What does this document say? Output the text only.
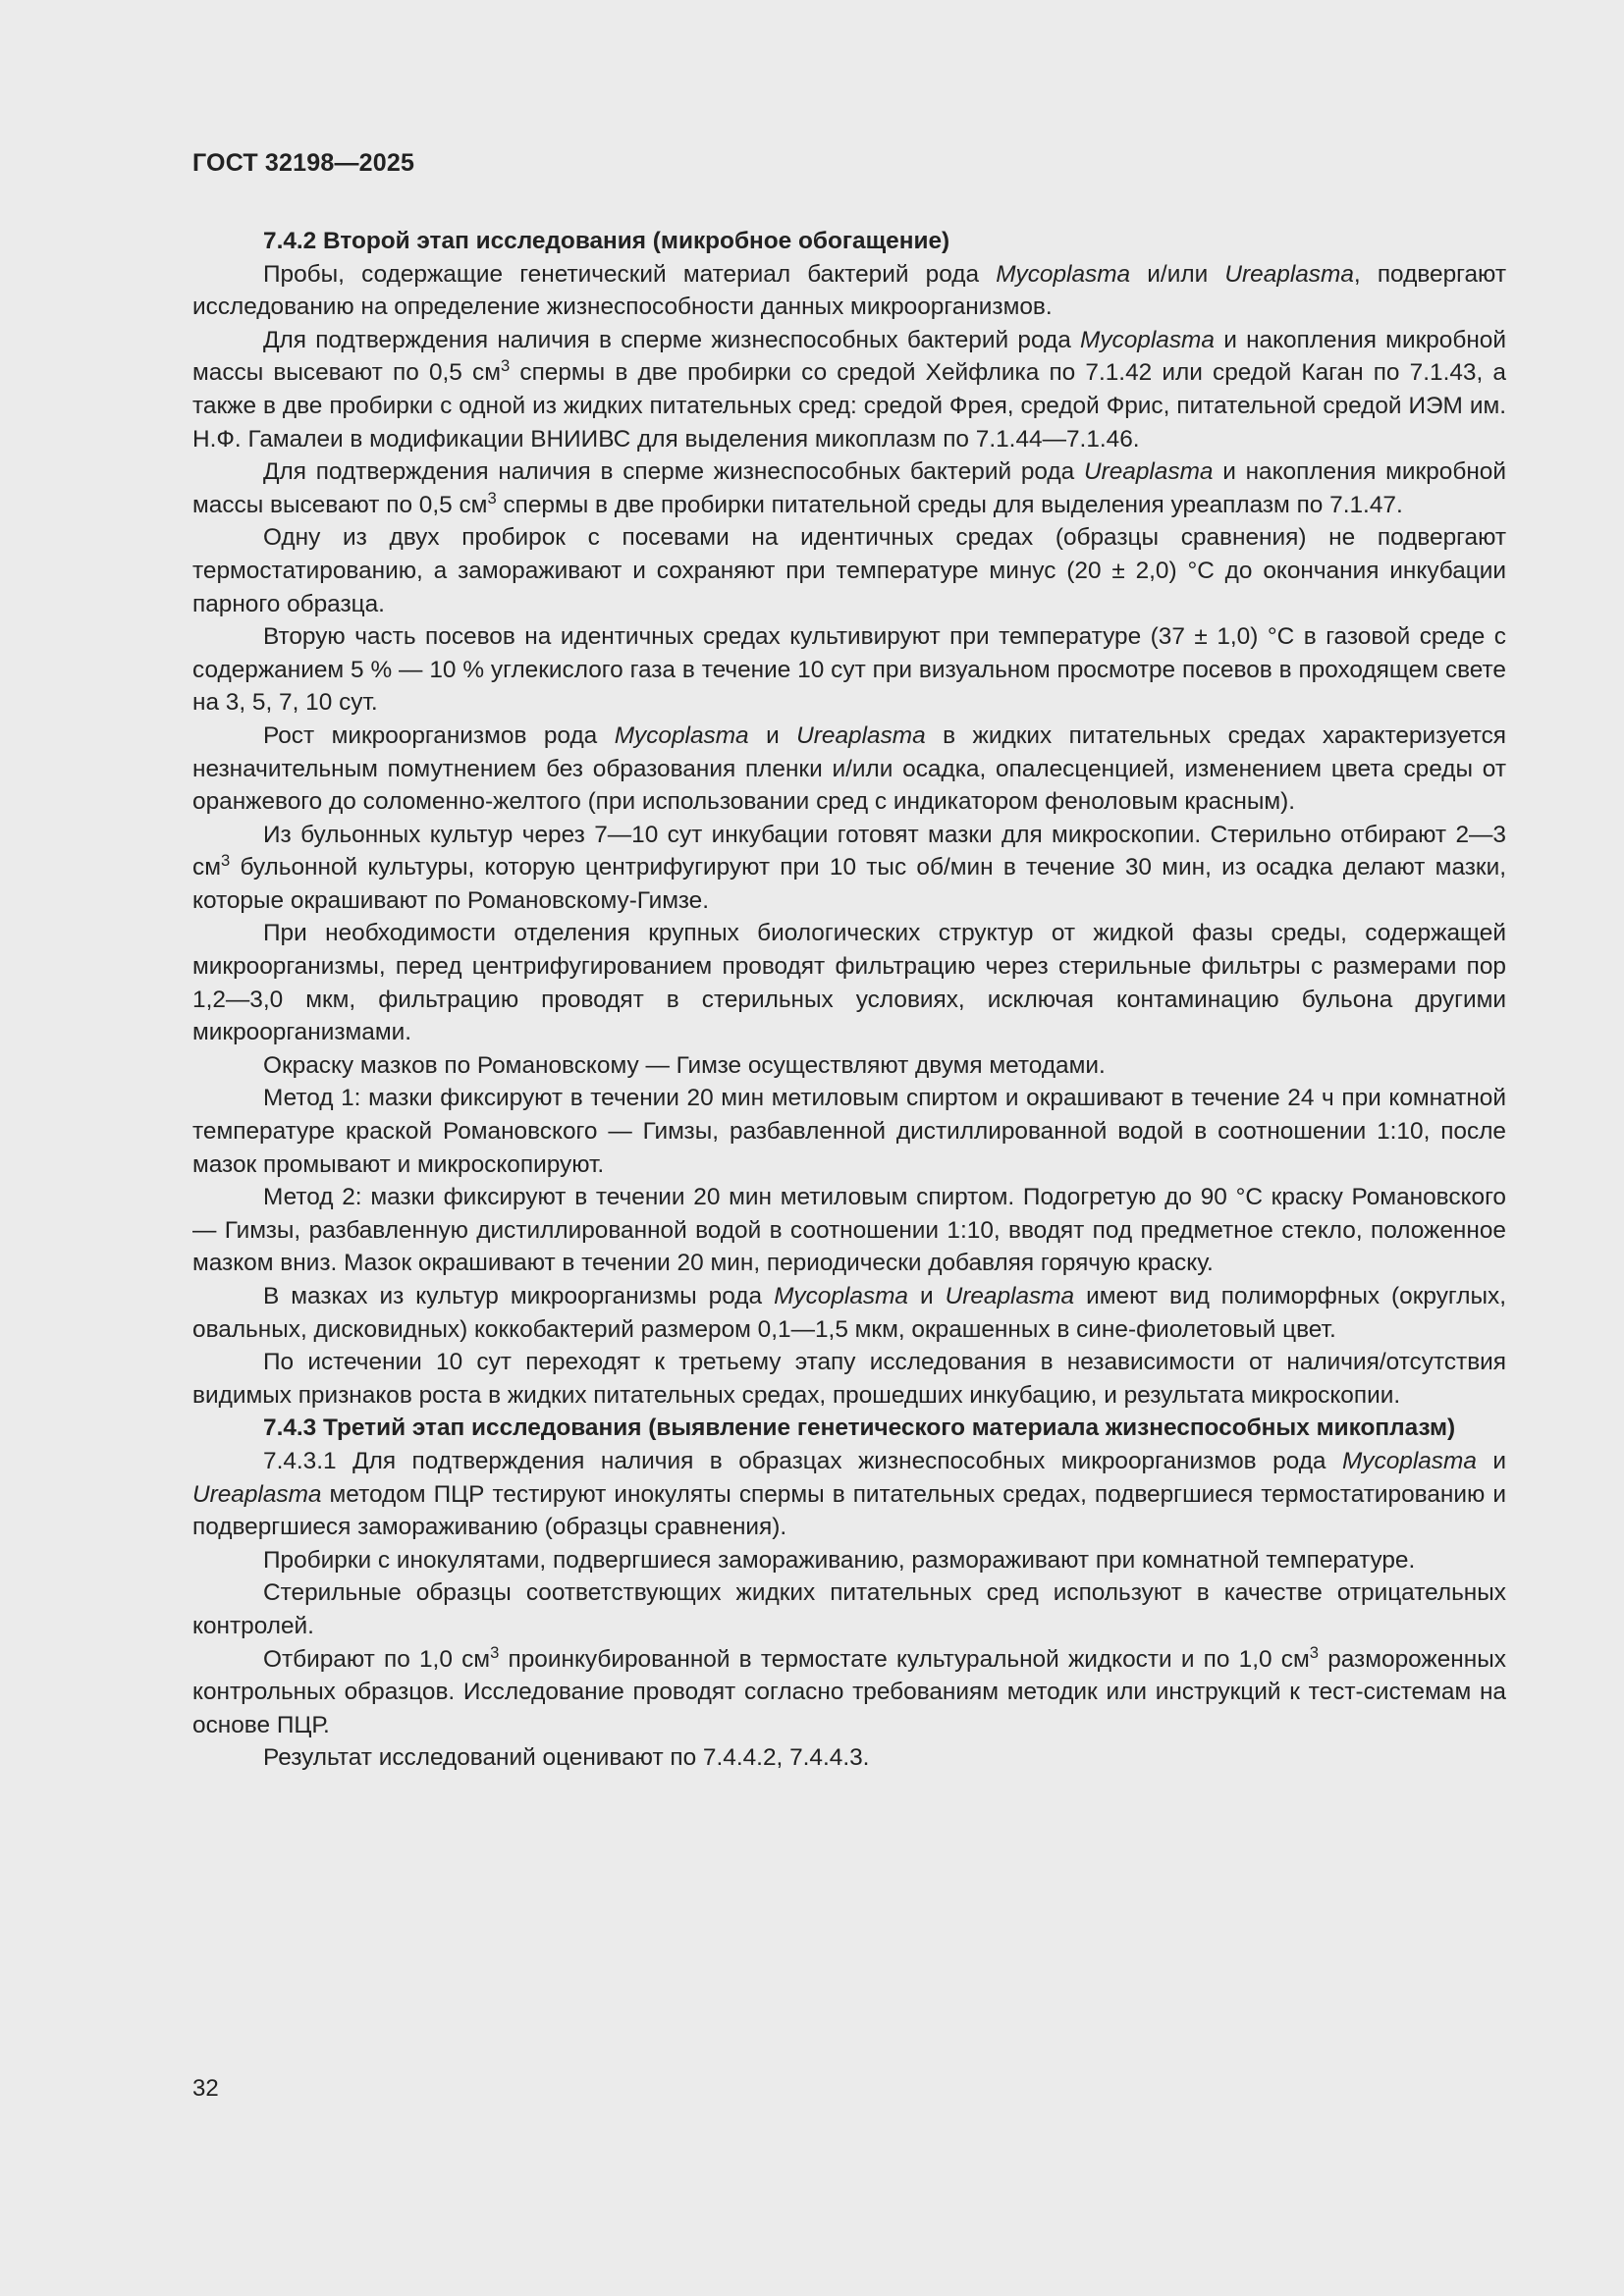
ГОСТ 32198—2025

7.4.2 Второй этап исследования (микробное обогащение)

Пробы, содержащие генетический материал бактерий рода Mycoplasma и/или Ureaplasma, подвергают исследованию на определение жизнеспособности данных микроорганизмов.

Для подтверждения наличия в сперме жизнеспособных бактерий рода Mycoplasma и накопления микробной массы высевают по 0,5 $см^3$ спермы в две пробирки со средой Хейфлика по 7.1.42 или средой Каган по 7.1.43, а также в две пробирки с одной из жидких питательных сред: средой Фрея, средой Фрис, питательной средой ИЭМ им. Н.Ф. Гамалеи в модификации ВНИИВС для выделения микоплазм по 7.1.44—7.1.46.

Для подтверждения наличия в сперме жизнеспособных бактерий рода Ureaplasma и накопления микробной массы высевают по 0,5 $см^3$ спермы в две пробирки питательной среды для выделения уреаплазм по 7.1.47.

Одну из двух пробирок с посевами на идентичных средах (образцы сравнения) не подвергают термостатированию, а замораживают и сохраняют при температуре минус (20 ± 2,0) °С до окончания инкубации парного образца.

Вторую часть посевов на идентичных средах культивируют при температуре (37 ± 1,0) °С в газовой среде с содержанием 5 % — 10 % углекислого газа в течение 10 сут при визуальном просмотре посевов в проходящем свете на 3, 5, 7, 10 сут.

Рост микроорганизмов рода Mycoplasma и Ureaplasma в жидких питательных средах характеризуется незначительным помутнением без образования пленки и/или осадка, опалесценцией, изменением цвета среды от оранжевого до соломенно-желтого (при использовании сред с индикатором феноловым красным).

Из бульонных культур через 7—10 сут инкубации готовят мазки для микроскопии. Стерильно отбирают 2—3 $см^3$ бульонной культуры, которую центрифугируют при 10 тыс об/мин в течение 30 мин, из осадка делают мазки, которые окрашивают по Романовскому-Гимзе.

При необходимости отделения крупных биологических структур от жидкой фазы среды, содержащей микроорганизмы, перед центрифугированием проводят фильтрацию через стерильные фильтры с размерами пор 1,2—3,0 мкм, фильтрацию проводят в стерильных условиях, исключая контаминацию бульона другими микроорганизмами.

Окраску мазков по Романовскому — Гимзе осуществляют двумя методами.

Метод 1: мазки фиксируют в течении 20 мин метиловым спиртом и окрашивают в течение 24 ч при комнатной температуре краской Романовского — Гимзы, разбавленной дистиллированной водой в соотношении 1:10, после мазок промывают и микроскопируют.

Метод 2: мазки фиксируют в течении 20 мин метиловым спиртом. Подогретую до 90 °С краску Романовского — Гимзы, разбавленную дистиллированной водой в соотношении 1:10, вводят под предметное стекло, положенное мазком вниз. Мазок окрашивают в течении 20 мин, периодически добавляя горячую краску.

В мазках из культур микроорганизмы рода Mycoplasma и Ureaplasma имеют вид полиморфных (округлых, овальных, дисковидных) коккобактерий размером 0,1—1,5 мкм, окрашенных в сине-фиолетовый цвет.

По истечении 10 сут переходят к третьему этапу исследования в независимости от наличия/отсутствия видимых признаков роста в жидких питательных средах, прошедших инкубацию, и результата микроскопии.

7.4.3 Третий этап исследования (выявление генетического материала жизнеспособных микоплазм)

7.4.3.1 Для подтверждения наличия в образцах жизнеспособных микроорганизмов рода Mycoplasma и Ureaplasma методом ПЦР тестируют инокуляты спермы в питательных средах, подвергшиеся термостатированию и подвергшиеся замораживанию (образцы сравнения).

Пробирки с инокулятами, подвергшиеся замораживанию, размораживают при комнатной температуре.

Стерильные образцы соответствующих жидких питательных сред используют в качестве отрицательных контролей.

Отбирают по 1,0 $см^3$ проинкубированной в термостате культуральной жидкости и по 1,0 $см^3$ размороженных контрольных образцов. Исследование проводят согласно требованиям методик или инструкций к тест-системам на основе ПЦР.

Результат исследований оценивают по 7.4.4.2, 7.4.4.3.

32
